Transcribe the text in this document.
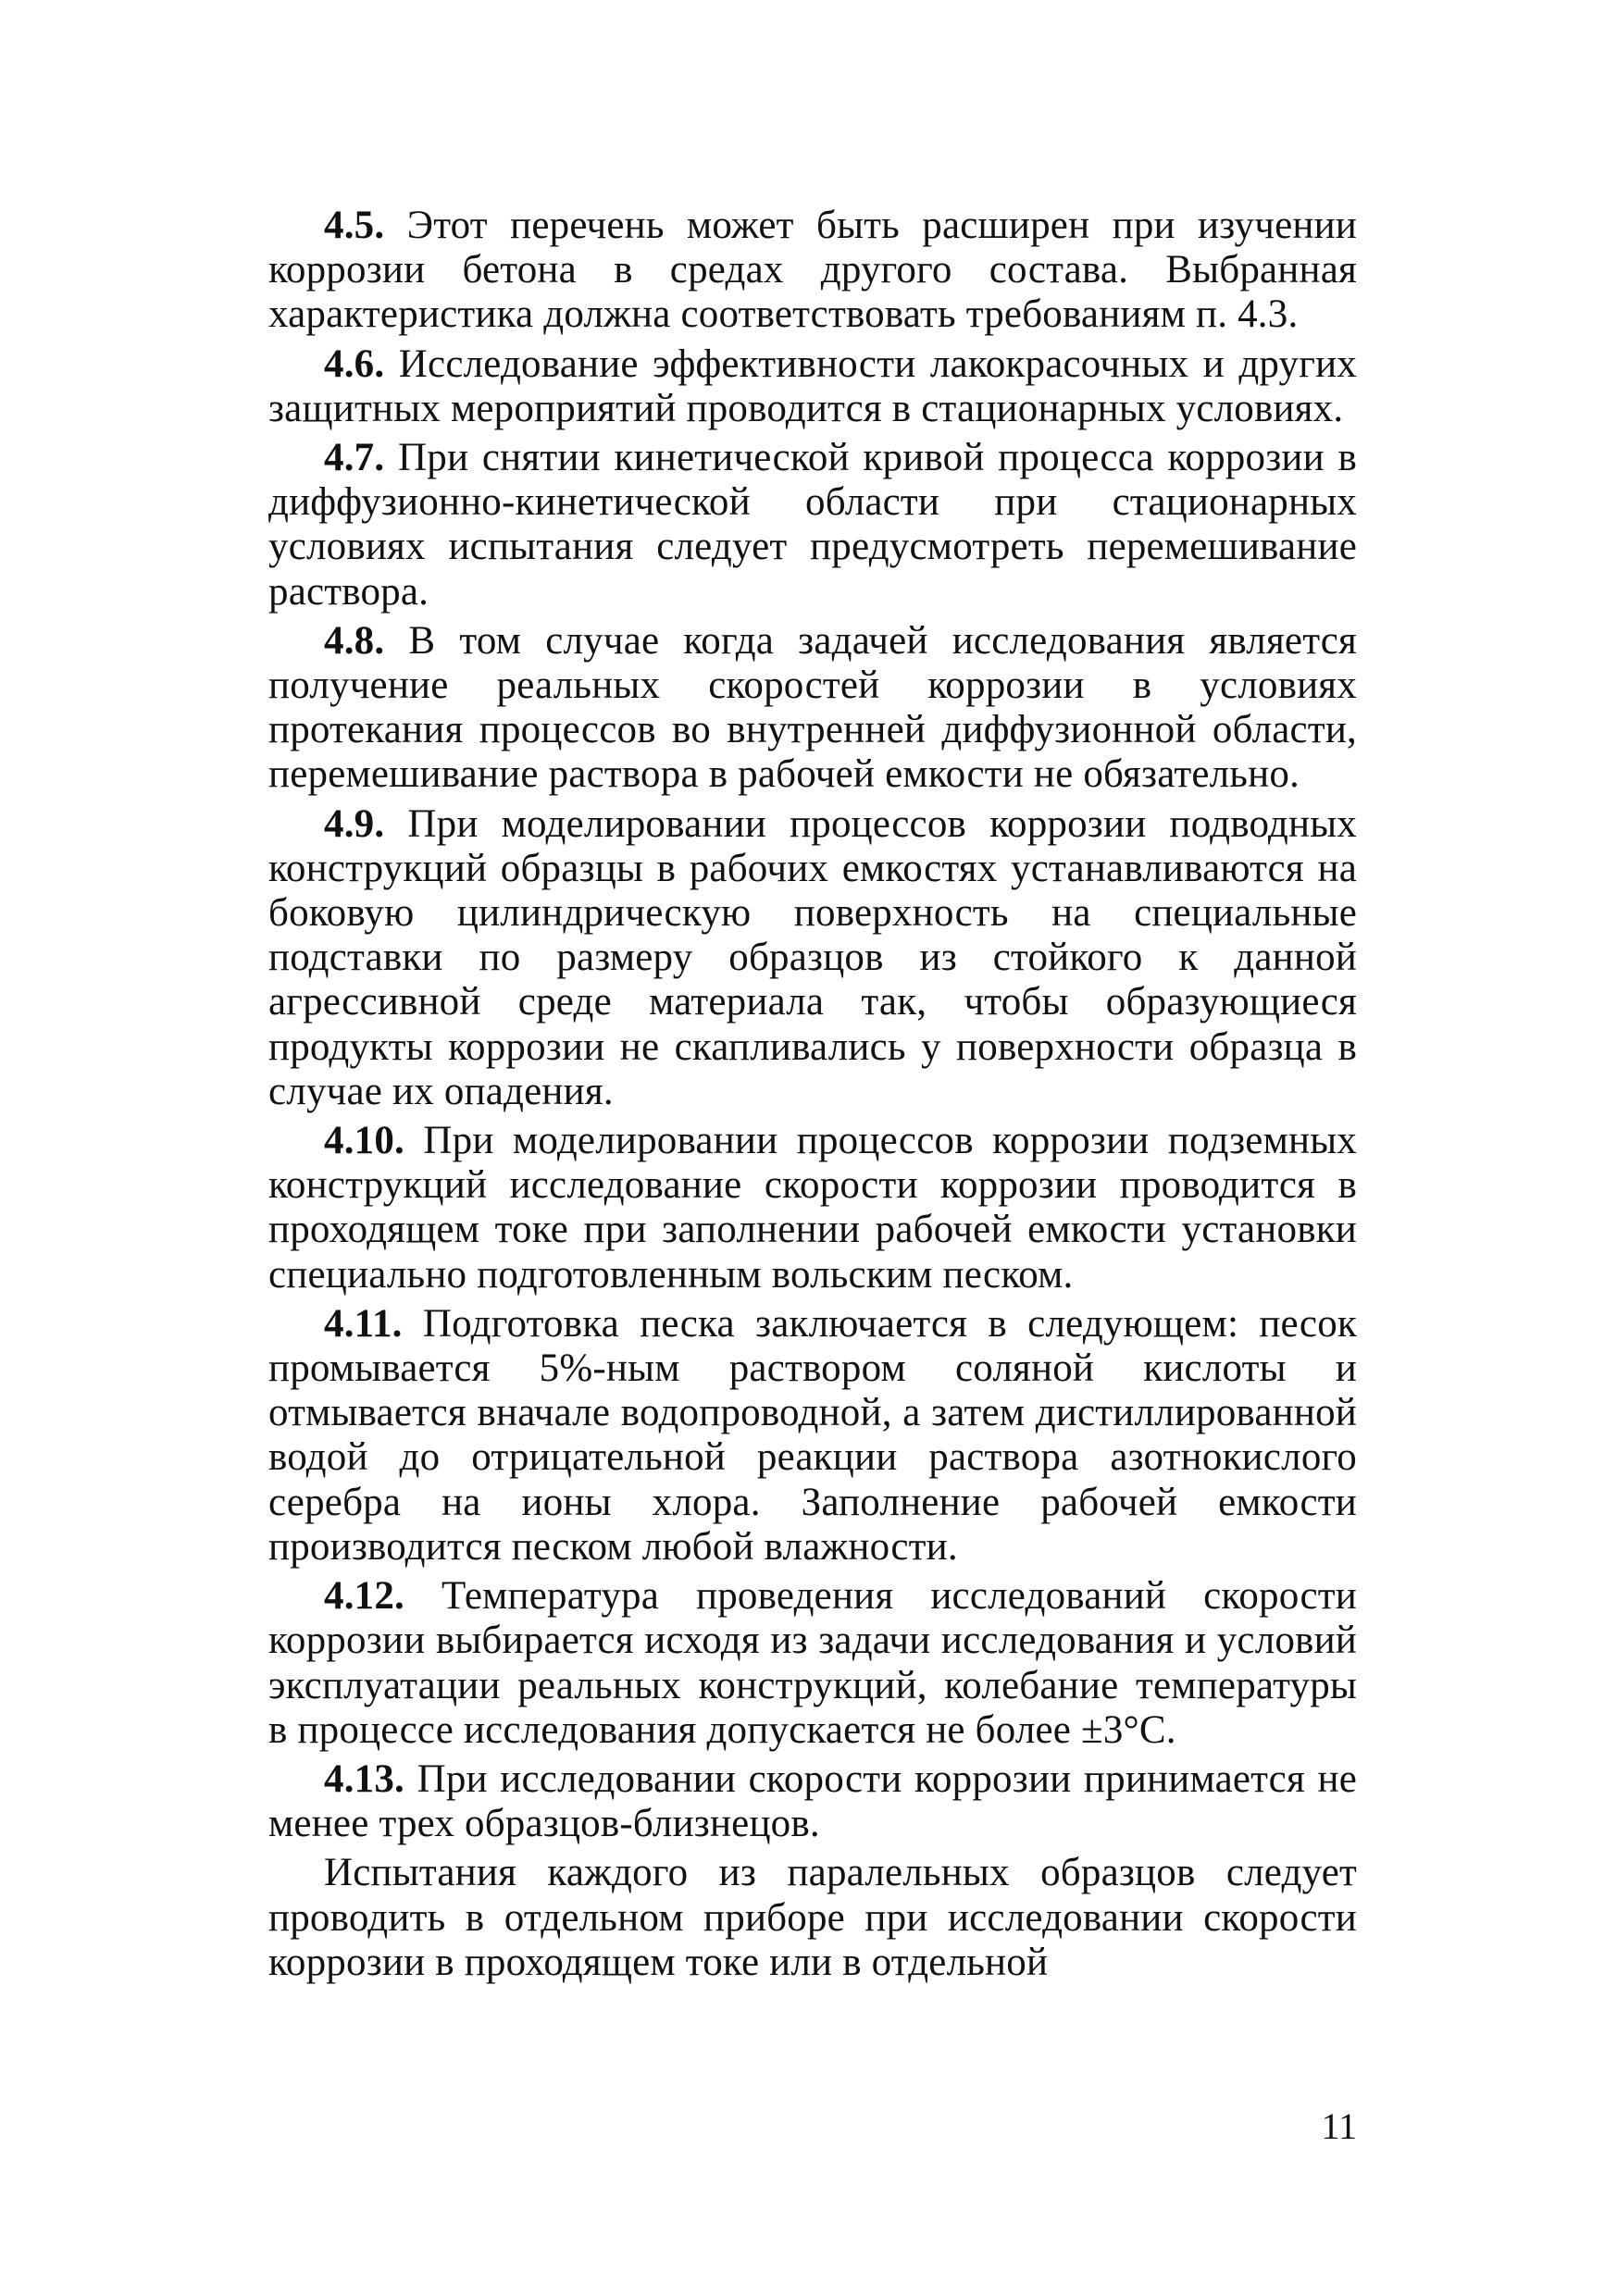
4.5. Этот перечень может быть расширен при изучении коррозии бетона в средах другого состава. Выбранная характеристика должна соответствовать требованиям п. 4.3.

4.6. Исследование эффективности лакокрасочных и других защитных мероприятий проводится в стационарных условиях.

4.7. При снятии кинетической кривой процесса коррозии в диффузионно-кинетической области при стационарных условиях испытания следует предусмотреть перемешивание раствора.

4.8. В том случае когда задачей исследования является получение реальных скоростей коррозии в условиях протекания процессов во внутренней диффузионной области, перемешивание раствора в рабочей емкости не обязательно.

4.9. При моделировании процессов коррозии подводных конструкций образцы в рабочих емкостях устанавливаются на боковую цилиндрическую поверхность на специальные подставки по размеру образцов из стойкого к данной агрессивной среде материала так, чтобы образующиеся продукты коррозии не скапливались у поверхности образца в случае их опадения.

4.10. При моделировании процессов коррозии подземных конструкций исследование скорости коррозии проводится в проходящем токе при заполнении рабочей емкости установки специально подготовленным вольским песком.

4.11. Подготовка песка заключается в следующем: песок промывается 5%-ным раствором соляной кислоты и отмывается вначале водопроводной, а затем дистиллированной водой до отрицательной реакции раствора азотнокислого серебра на ионы хлора. Заполнение рабочей емкости производится песком любой влажности.

4.12. Температура проведения исследований скорости коррозии выбирается исходя из задачи исследования и условий эксплуатации реальных конструкций, колебание температуры в процессе исследования допускается не более ±3°C.

4.13. При исследовании скорости коррозии принимается не менее трех образцов-близнецов.

Испытания каждого из паралельных образцов следует проводить в отдельном приборе при исследовании скорости коррозии в проходящем токе или в отдельной

11
